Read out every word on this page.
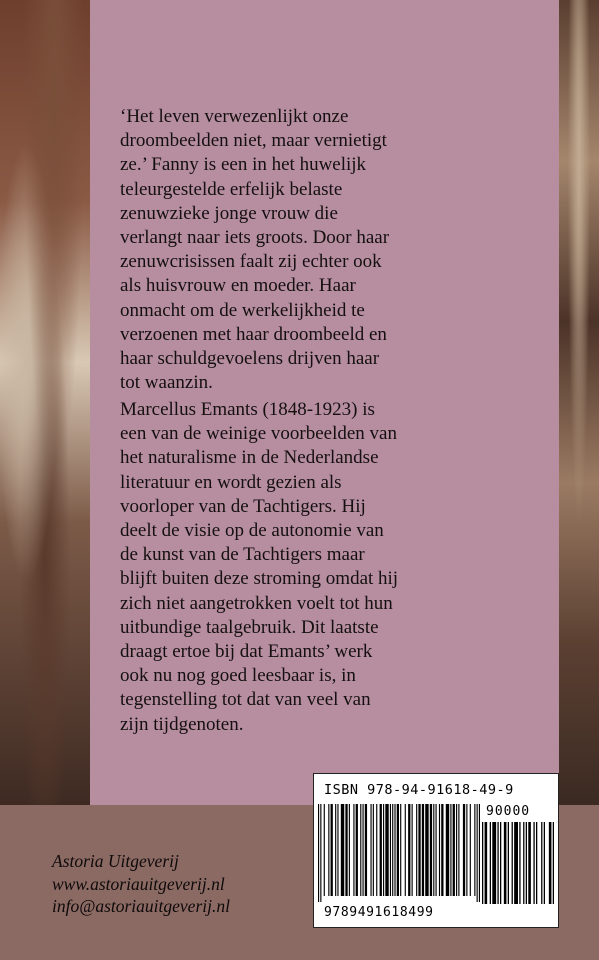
‘Het leven verwezenlijkt onze
droombeelden niet, maar vernietigt
ze.’ Fanny is een in het huwelijk
teleurgestelde erfelijk belaste
zenuwzieke jonge vrouw die
verlangt naar iets groots. Door haar
zenuwcrisissen faalt zij echter ook
als huisvrouw en moeder. Haar
onmacht om de werkelijkheid te
verzoenen met haar droombeeld en
haar schuldgevoelens drijven haar
tot waanzin.

Marcellus Emants (1848-1923) is
een van de weinige voorbeelden van
het naturalisme in de Nederlandse
literatuur en wordt gezien als
voorloper van de Tachtigers. Hij
deelt de visie op de autonomie van
de kunst van de Tachtigers maar
blijft buiten deze stroming omdat hij
zich niet aangetrokken voelt tot hun
uitbundige taalgebruik. Dit laatste
draagt ertoe bij dat Emants’ werk
ook nu nog goed leesbaar is, in
tegenstelling tot dat van veel van
zijn tijdgenoten.

Astoria Uitgeverij
www.astoriauitgeverij.nl
info@astoriauitgeverij.nl
ISBN 978-94-91618-49-9
90000
9789491618499
